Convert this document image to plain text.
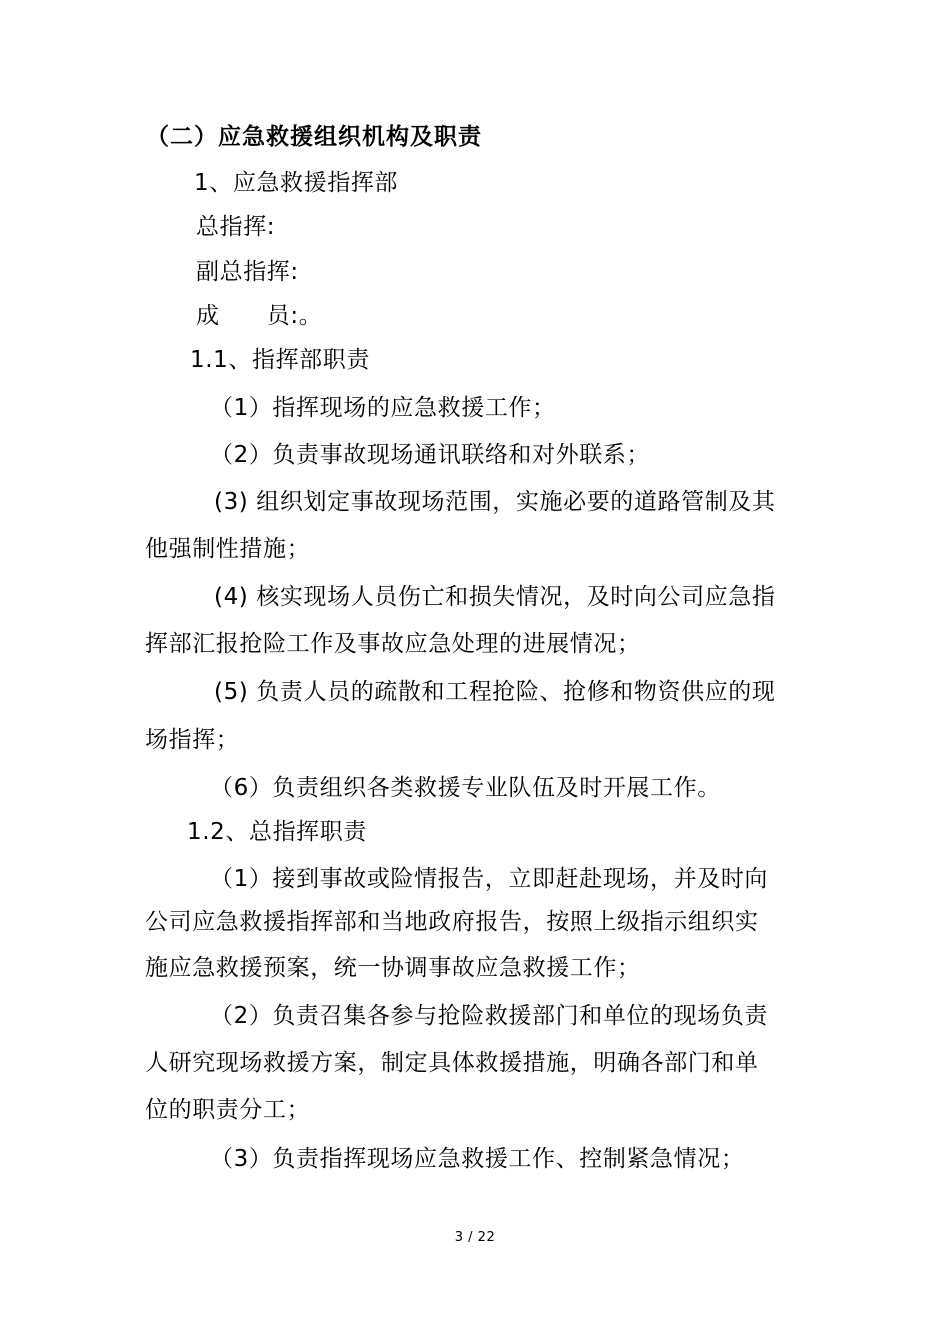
（二）应急救援组织机构及职责
1、应急救援指挥部
总指挥:
副总指挥:
成　　员:。
1.1、指挥部职责
（1）指挥现场的应急救援工作；
（2）负责事故现场通讯联络和对外联系；
(3) 组织划定事故现场范围，实施必要的道路管制及其
他强制性措施；
(4) 核实现场人员伤亡和损失情况，及时向公司应急指
挥部汇报抢险工作及事故应急处理的进展情况；
(5) 负责人员的疏散和工程抢险、抢修和物资供应的现
场指挥；
（6）负责组织各类救援专业队伍及时开展工作。
1.2、总指挥职责
（1）接到事故或险情报告，立即赶赴现场，并及时向
公司应急救援指挥部和当地政府报告，按照上级指示组织实
施应急救援预案，统一协调事故应急救援工作；
（2）负责召集各参与抢险救援部门和单位的现场负责
人研究现场救援方案，制定具体救援措施，明确各部门和单
位的职责分工；
（3）负责指挥现场应急救援工作、控制紧急情况；
3 / 22
